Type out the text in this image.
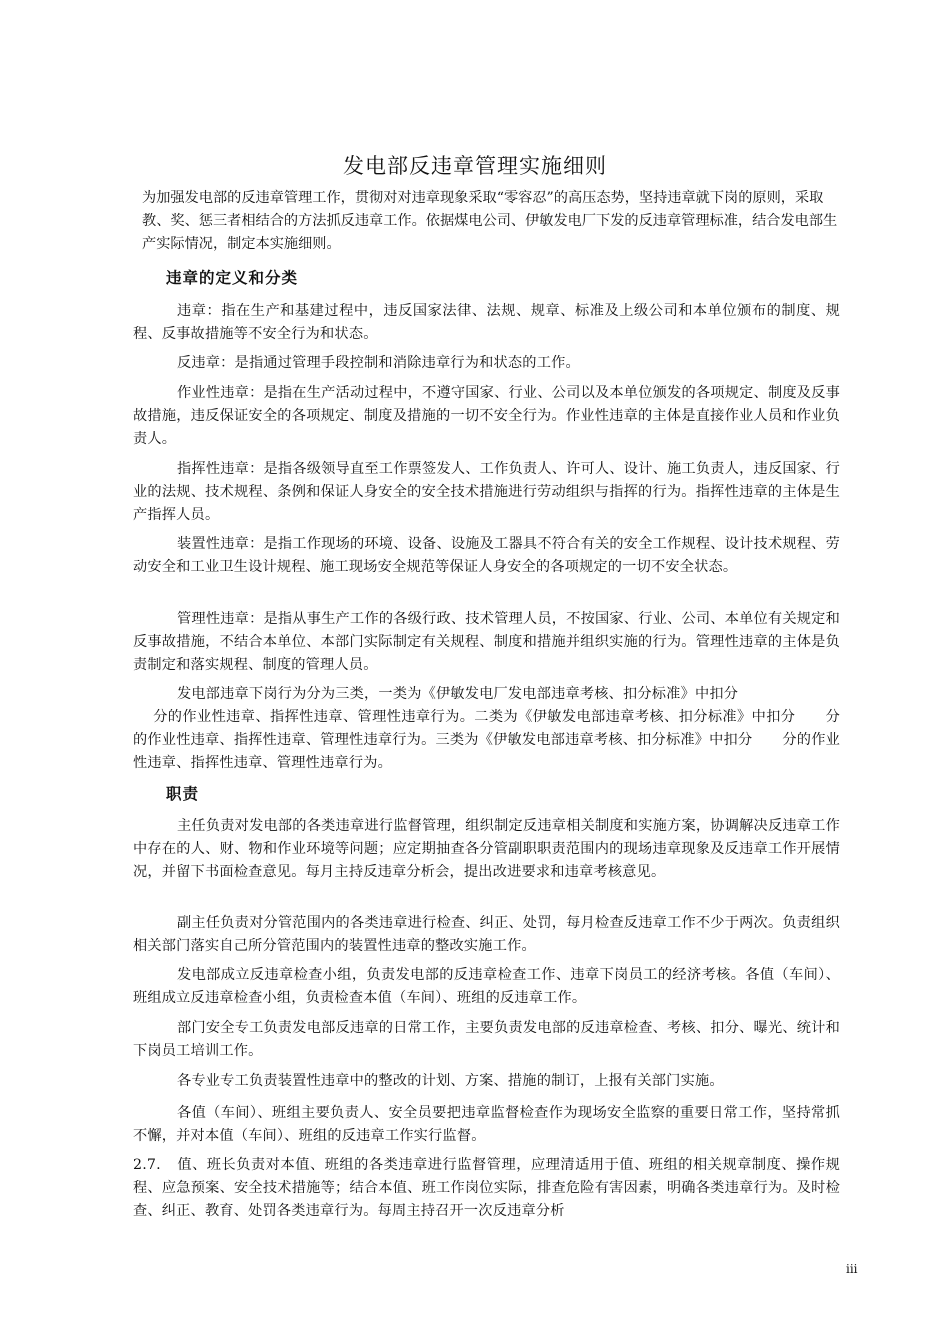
发电部反违章管理实施细则

为加强发电部的反违章管理工作，贯彻对对违章现象采取“零容忍”的高压态势，坚持违章就下岗的原则，采取教、奖、惩三者相结合的方法抓反违章工作。依据煤电公司、伊敏发电厂下发的反违章管理标准，结合发电部生产实际情况，制定本实施细则。

违章的定义和分类

违章：指在生产和基建过程中，违反国家法律、法规、规章、标准及上级公司和本单位颁布的制度、规程、反事故措施等不安全行为和状态。

反违章：是指通过管理手段控制和消除违章行为和状态的工作。

作业性违章：是指在生产活动过程中，不遵守国家、行业、公司以及本单位颁发的各项规定、制度及反事故措施，违反保证安全的各项规定、制度及措施的一切不安全行为。作业性违章的主体是直接作业人员和作业负责人。

指挥性违章：是指各级领导直至工作票签发人、工作负责人、许可人、设计、施工负责人，违反国家、行业的法规、技术规程、条例和保证人身安全的安全技术措施进行劳动组织与指挥的行为。指挥性违章的主体是生产指挥人员。

装置性违章：是指工作现场的环境、设备、设施及工器具不符合有关的安全工作规程、设计技术规程、劳动安全和工业卫生设计规程、施工现场安全规范等保证人身安全的各项规定的一切不安全状态。

管理性违章：是指从事生产工作的各级行政、技术管理人员，不按国家、行业、公司、本单位有关规定和反事故措施，不结合本单位、本部门实际制定有关规程、制度和措施并组织实施的行为。管理性违章的主体是负责制定和落实规程、制度的管理人员。

发电部违章下岗行为分为三类，一类为《伊敏发电厂发电部违章考核、扣分标准》中扣分
分的作业性违章、指挥性违章、管理性违章行为。二类为《伊敏发电部违章考核、扣分标准》中扣分 分的作业性违章、指挥性违章、管理性违章行为。三类为《伊敏发电部违章考核、扣分标准》中扣分 分的作业性违章、指挥性违章、管理性违章行为。

职责

主任负责对发电部的各类违章进行监督管理，组织制定反违章相关制度和实施方案，协调解决反违章工作中存在的人、财、物和作业环境等问题；应定期抽查各分管副职职责范围内的现场违章现象及反违章工作开展情况，并留下书面检查意见。每月主持反违章分析会，提出改进要求和违章考核意见。

副主任负责对分管范围内的各类违章进行检查、纠正、处罚，每月检查反违章工作不少于两次。负责组织相关部门落实自己所分管范围内的装置性违章的整改实施工作。

发电部成立反违章检查小组，负责发电部的反违章检查工作、违章下岗员工的经济考核。各值（车间）、班组成立反违章检查小组，负责检查本值（车间）、班组的反违章工作。

部门安全专工负责发电部反违章的日常工作，主要负责发电部的反违章检查、考核、扣分、曝光、统计和下岗员工培训工作。

各专业专工负责装置性违章中的整改的计划、方案、措施的制订，上报有关部门实施。

各值（车间）、班组主要负责人、安全员要把违章监督检查作为现场安全监察的重要日常工作，坚持常抓不懈，并对本值（车间）、班组的反违章工作实行监督。

2.7. 值、班长负责对本值、班组的各类违章进行监督管理，应理清适用于值、班组的相关规章制度、操作规程、应急预案、安全技术措施等；结合本值、班工作岗位实际，排查危险有害因素，明确各类违章行为。及时检查、纠正、教育、处罚各类违章行为。每周主持召开一次反违章分析

iii
